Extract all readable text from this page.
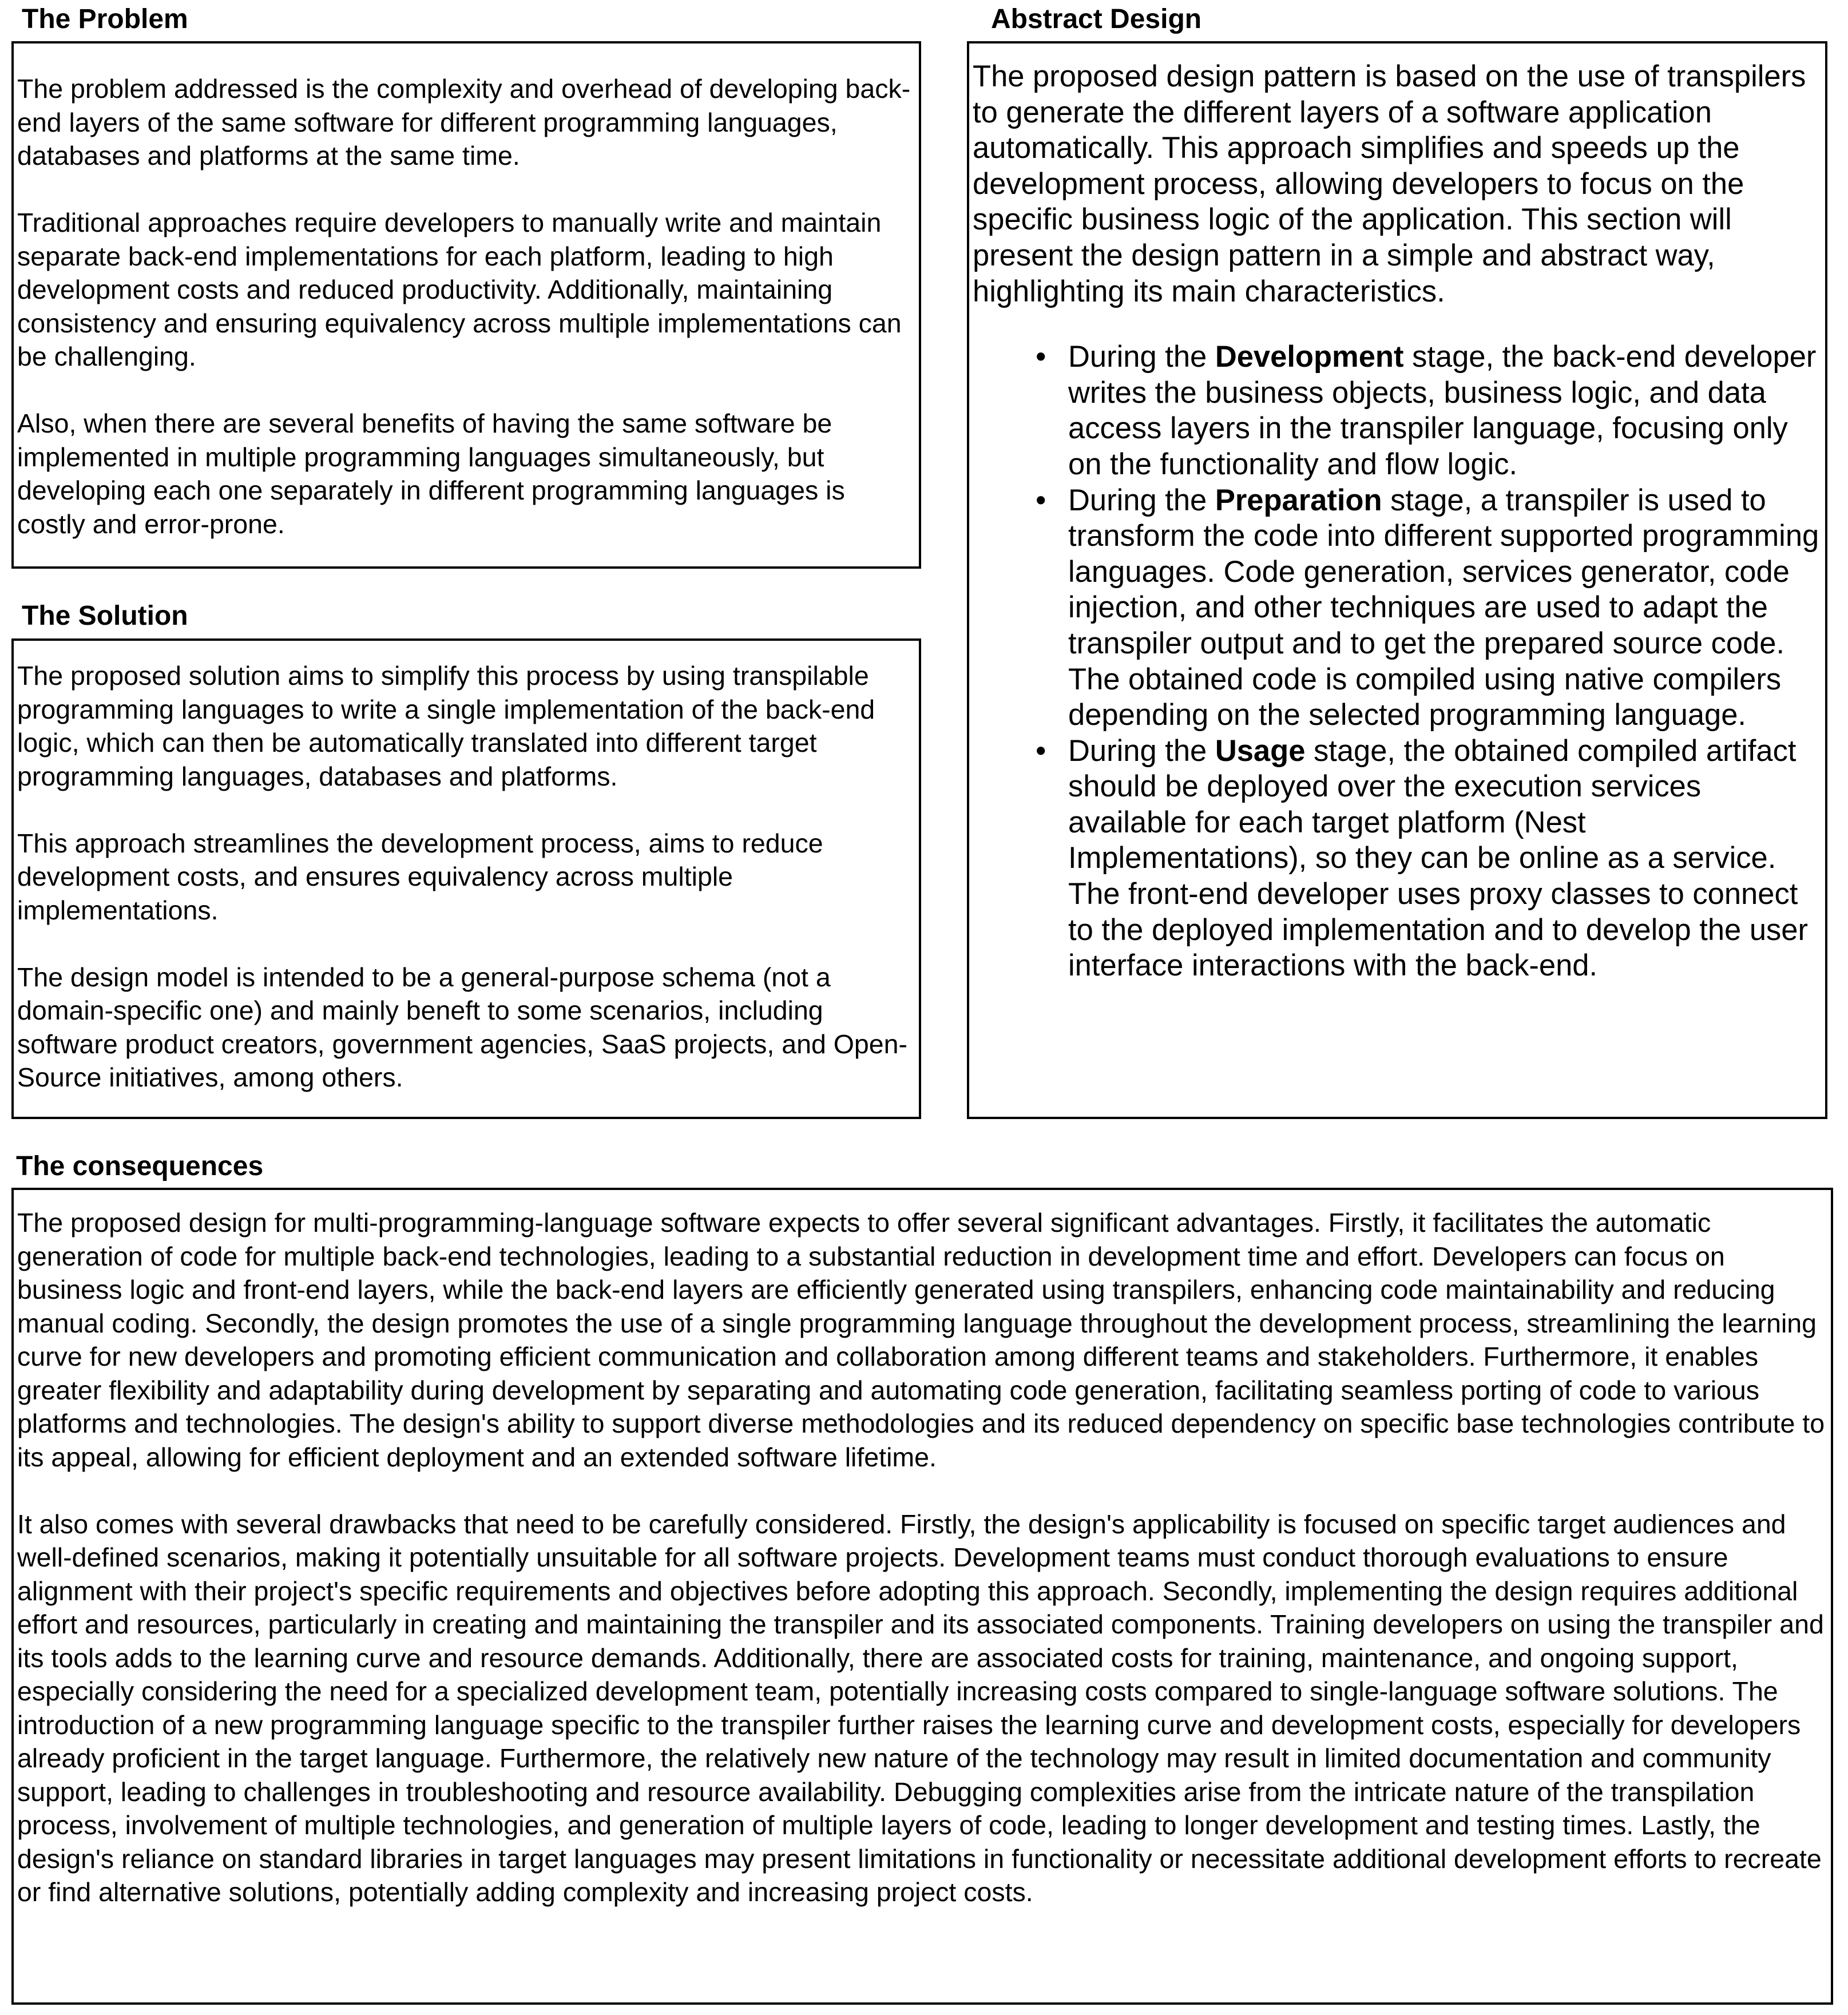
The Problem

The problem addressed is the complexity and overhead of developing back-end layers of the same software for different programming languages, databases and platforms at the same time.

Traditional approaches require developers to manually write and maintain separate back-end implementations for each platform, leading to high development costs and reduced productivity. Additionally, maintaining consistency and ensuring equivalency across multiple implementations can be challenging.

Also, when there are several benefits of having the same software be implemented in multiple programming languages simultaneously, but developing each one separately in different programming languages is costly and error-prone.

The Solution

The proposed solution aims to simplify this process by using transpilable programming languages to write a single implementation of the back-end logic, which can then be automatically translated into different target programming languages, databases and platforms.

This approach streamlines the development process, aims to reduce development costs, and ensures equivalency across multiple implementations.

The design model is intended to be a general-purpose schema (not a domain-specific one) and mainly beneft to some scenarios, including software product creators, government agencies, SaaS projects, and Open-Source initiatives, among others.

Abstract Design

The proposed design pattern is based on the use of transpilers to generate the different layers of a software application automatically. This approach simplifies and speeds up the development process, allowing developers to focus on the specific business logic of the application. This section will present the design pattern in a simple and abstract way, highlighting its main characteristics.

• During the Development stage, the back-end developer writes the business objects, business logic, and data access layers in the transpiler language, focusing only on the functionality and flow logic.
• During the Preparation stage, a transpiler is used to transform the code into different supported programming languages. Code generation, services generator, code injection, and other techniques are used to adapt the transpiler output and to get the prepared source code. The obtained code is compiled using native compilers depending on the selected programming language.
• During the Usage stage, the obtained compiled artifact should be deployed over the execution services available for each target platform (Nest Implementations), so they can be online as a service. The front-end developer uses proxy classes to connect to the deployed implementation and to develop the user interface interactions with the back-end.
The consequences

The proposed design for multi-programming-language software expects to offer several significant advantages. Firstly, it facilitates the automatic generation of code for multiple back-end technologies, leading to a substantial reduction in development time and effort. Developers can focus on business logic and front-end layers, while the back-end layers are efficiently generated using transpilers, enhancing code maintainability and reducing manual coding. Secondly, the design promotes the use of a single programming language throughout the development process, streamlining the learning curve for new developers and promoting efficient communication and collaboration among different teams and stakeholders. Furthermore, it enables greater flexibility and adaptability during development by separating and automating code generation, facilitating seamless porting of code to various platforms and technologies. The design's ability to support diverse methodologies and its reduced dependency on specific base technologies contribute to its appeal, allowing for efficient deployment and an extended software lifetime.

It also comes with several drawbacks that need to be carefully considered. Firstly, the design's applicability is focused on specific target audiences and well-defined scenarios, making it potentially unsuitable for all software projects. Development teams must conduct thorough evaluations to ensure alignment with their project's specific requirements and objectives before adopting this approach. Secondly, implementing the design requires additional effort and resources, particularly in creating and maintaining the transpiler and its associated components. Training developers on using the transpiler and its tools adds to the learning curve and resource demands. Additionally, there are associated costs for training, maintenance, and ongoing support, especially considering the need for a specialized development team, potentially increasing costs compared to single-language software solutions. The introduction of a new programming language specific to the transpiler further raises the learning curve and development costs, especially for developers already proficient in the target language. Furthermore, the relatively new nature of the technology may result in limited documentation and community support, leading to challenges in troubleshooting and resource availability. Debugging complexities arise from the intricate nature of the transpilation process, involvement of multiple technologies, and generation of multiple layers of code, leading to longer development and testing times. Lastly, the design's reliance on standard libraries in target languages may present limitations in functionality or necessitate additional development efforts to recreate or find alternative solutions, potentially adding complexity and increasing project costs.
